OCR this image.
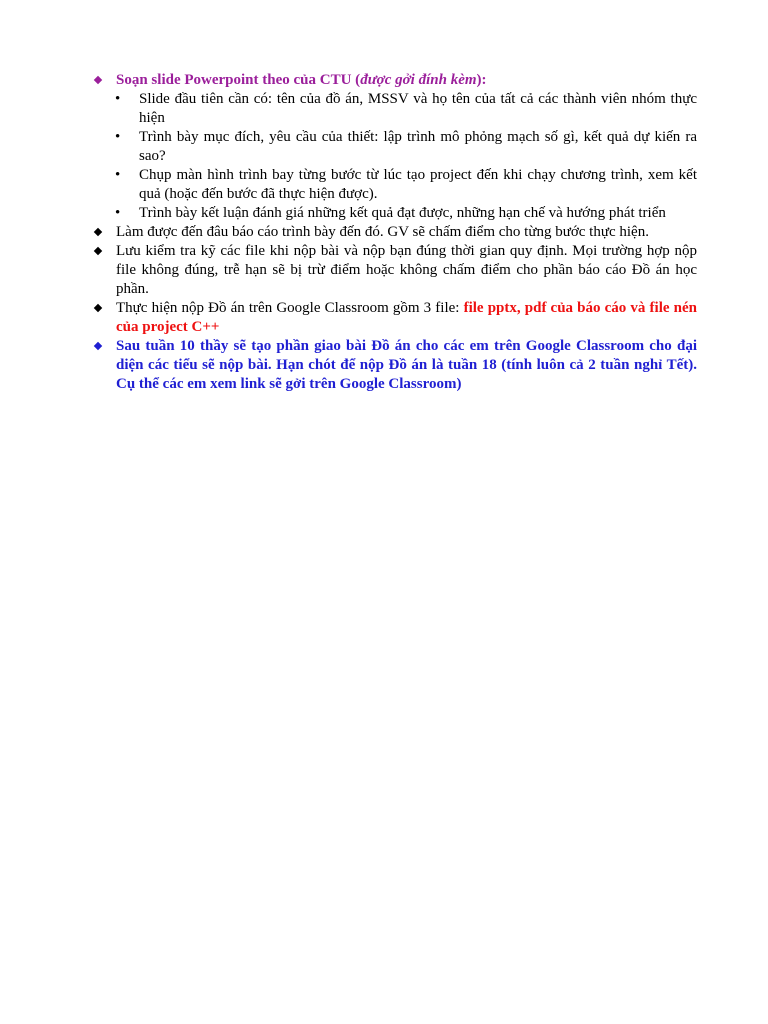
Soạn slide Powerpoint theo của CTU (được gởi đính kèm):
• Slide đầu tiên cần có: tên của đồ án, MSSV và họ tên của tất cả các thành viên nhóm thực hiện
• Trình bày mục đích, yêu cầu của thiết: lập trình mô phỏng mạch số gì, kết quả dự kiến ra sao?
• Chụp màn hình trình bay từng bước từ lúc tạo project đến khi chạy chương trình, xem kết quả (hoặc đến bước đã thực hiện được).
• Trình bày kết luận đánh giá những kết quả đạt được, những hạn chế và hướng phát triển
Làm được đến đâu báo cáo trình bày đến đó. GV sẽ chấm điểm cho từng bước thực hiện.
Lưu kiểm tra kỹ các file khi nộp bài và nộp bạn đúng thời gian quy định. Mọi trường hợp nộp file không đúng, trễ hạn sẽ bị trừ điểm hoặc không chấm điểm cho phần báo cáo Đồ án học phần.
Thực hiện nộp Đồ án trên Google Classroom gồm 3 file: file pptx, pdf của báo cáo và file nén của project C++
Sau tuần 10 thầy sẽ tạo phần giao bài Đồ án cho các em trên Google Classroom cho đại diện các tiểu sẽ nộp bài. Hạn chót để nộp Đồ án là tuần 18 (tính luôn cả 2 tuần nghỉ Tết). Cụ thể các em xem link sẽ gởi trên Google Classroom)
